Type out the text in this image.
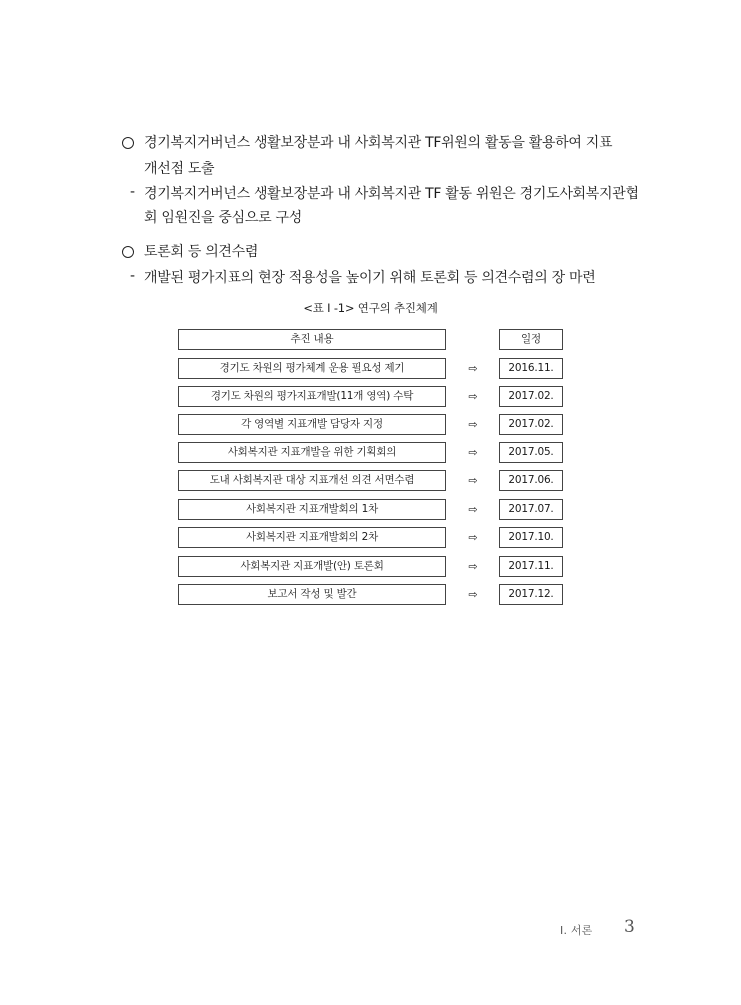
경기복지거버넌스 생활보장분과 내 사회복지관 TF위원의 활동을 활용하여 지표
개선점 도출
- 경기복지거버넌스 생활보장분과 내 사회복지관 TF 활동 위원은 경기도사회복지관협
회 임원진을 중심으로 구성
토론회 등 의견수렴
- 개발된 평가지표의 현장 적용성을 높이기 위해 토론회 등 의견수렴의 장 마련
<표 Ⅰ -1> 연구의 추진체계
추진 내용	일정
경기도 차원의 평가체계 운용 필요성 제기	⇨	2016.11.
경기도 차원의 평가지표개발(11개 영역) 수탁	⇨	2017.02.
각 영역별 지표개발 담당자 지정	⇨	2017.02.
사회복지관 지표개발을 위한 기획회의	⇨	2017.05.
도내 사회복지관 대상 지표개선 의견 서면수렴	⇨	2017.06.
사회복지관 지표개발회의 1차	⇨	2017.07.
사회복지관 지표개발회의 2차	⇨	2017.10.
사회복지관 지표개발(안) 토론회	⇨	2017.11.
보고서 작성 및 발간	⇨	2017.12.
Ⅰ. 서론 3
